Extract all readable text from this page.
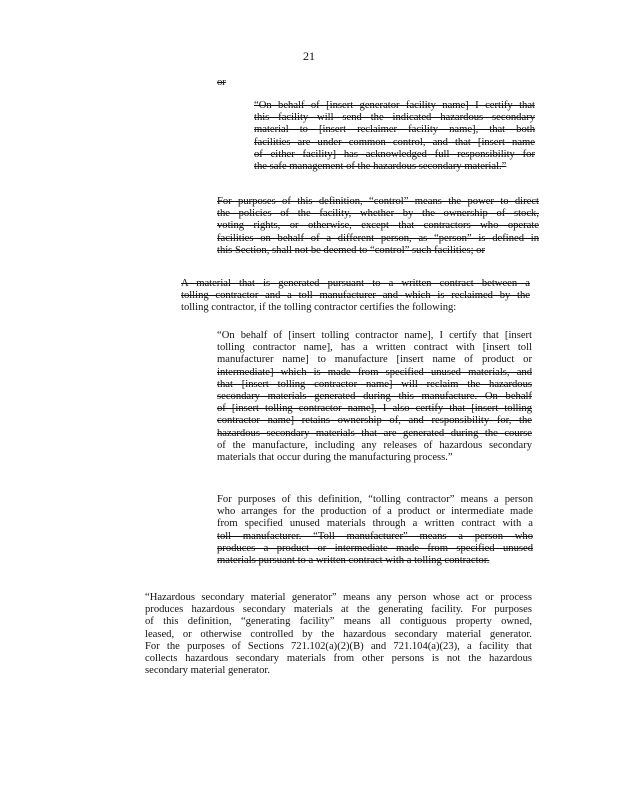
21
or
“On behalf of [insert generator facility name] I certify that
this facility will send the indicated hazardous secondary
material to [insert reclaimer facility name], that both
facilities are under common control, and that [insert name
of either facility] has acknowledged full responsibility for
the safe management of the hazardous secondary material.”
For purposes of this definition, “control” means the power to direct
the policies of the facility, whether by the ownership of stock,
voting rights, or otherwise, except that contractors who operate
facilities on behalf of a different person, as “person” is defined in
this Section, shall not be deemed to “control” such facilities; or
A material that is generated pursuant to a written contract between a
tolling contractor and a toll manufacturer and which is reclaimed by the
tolling contractor, if the tolling contractor certifies the following:
“On behalf of [insert tolling contractor name], I certify that [insert
tolling contractor name], has a written contract with [insert toll
manufacturer name] to manufacture [insert name of product or
intermediate] which is made from specified unused materials, and
that [insert tolling contractor name] will reclaim the hazardous
secondary materials generated during this manufacture. On behalf
of [insert tolling contractor name], I also certify that [insert tolling
contractor name] retains ownership of, and responsibility for, the
hazardous secondary materials that are generated during the course
of the manufacture, including any releases of hazardous secondary
materials that occur during the manufacturing process.”
For purposes of this definition, “tolling contractor” means a person
who arranges for the production of a product or intermediate made
from specified unused materials through a written contract with a
toll manufacturer. “Toll manufacturer” means a person who
produces a product or intermediate made from specified unused
materials pursuant to a written contract with a tolling contractor.
“Hazardous secondary material generator” means any person whose act or process
produces hazardous secondary materials at the generating facility. For purposes
of this definition, “generating facility” means all contiguous property owned,
leased, or otherwise controlled by the hazardous secondary material generator.
For the purposes of Sections 721.102(a)(2)(B) and 721.104(a)(23), a facility that
collects hazardous secondary materials from other persons is not the hazardous
secondary material generator.
